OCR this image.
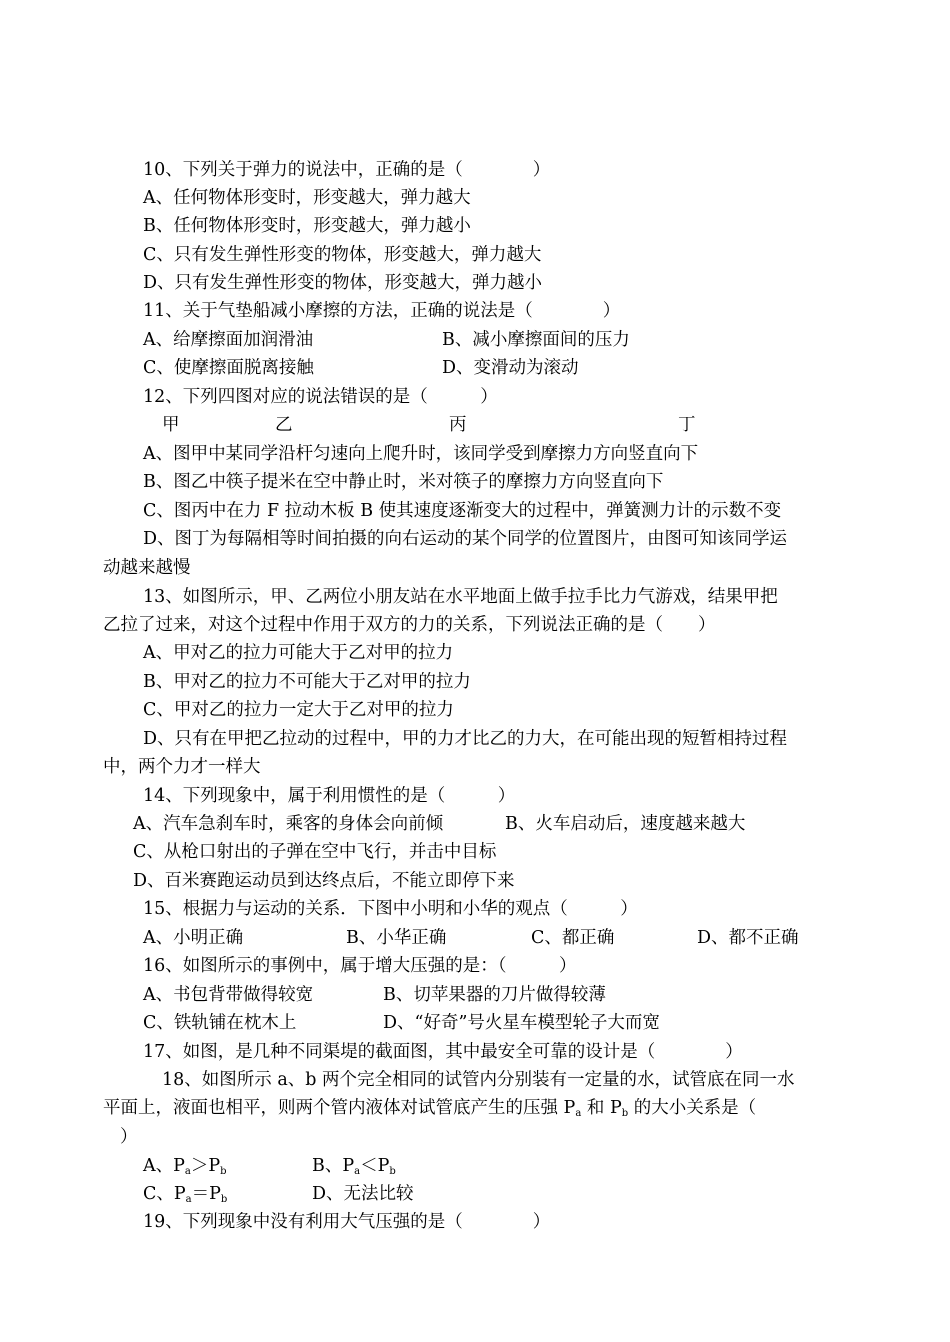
10、下列关于弹力的说法中，正确的是（　　　　）
A、任何物体形变时，形变越大，弹力越大
B、任何物体形变时，形变越大，弹力越小
C、只有发生弹性形变的物体，形变越大，弹力越大
D、只有发生弹性形变的物体，形变越大，弹力越小
11、关于气垫船减小摩擦的方法，正确的说法是（　　　　）
A、给摩擦面加润滑油	B、减小摩擦面间的压力
C、使摩擦面脱离接触	D、变滑动为滚动
12、下列四图对应的说法错误的是（　　　）
甲	乙	丙	丁
A、图甲中某同学沿杆匀速向上爬升时，该同学受到摩擦力方向竖直向下
B、图乙中筷子提米在空中静止时，米对筷子的摩擦力方向竖直向下
C、图丙中在力 F 拉动木板 B 使其速度逐渐变大的过程中，弹簧测力计的示数不变
D、图丁为每隔相等时间拍摄的向右运动的某个同学的位置图片，由图可知该同学运
动越来越慢
13、如图所示，甲、乙两位小朋友站在水平地面上做手拉手比力气游戏，结果甲把
乙拉了过来，对这个过程中作用于双方的力的关系，下列说法正确的是（　　）
A、甲对乙的拉力可能大于乙对甲的拉力
B、甲对乙的拉力不可能大于乙对甲的拉力
C、甲对乙的拉力一定大于乙对甲的拉力
D、只有在甲把乙拉动的过程中，甲的力才比乙的力大，在可能出现的短暂相持过程
中，两个力才一样大
14、下列现象中，属于利用惯性的是（　　　）
A、汽车急刹车时，乘客的身体会向前倾	B、火车启动后，速度越来越大
C、从枪口射出的子弹在空中飞行，并击中目标
D、百米赛跑运动员到达终点后，不能立即停下来
15、根据力与运动的关系．下图中小明和小华的观点（　　　）
A、小明正确	B、小华正确	C、都正确	D、都不正确
16、如图所示的事例中，属于增大压强的是：（　　　）
A、书包背带做得较宽	B、切苹果器的刀片做得较薄
C、铁轨铺在枕木上	D、“好奇”号火星车模型轮子大而宽
17、如图，是几种不同渠堤的截面图，其中最安全可靠的设计是（　　　　）
18、如图所示 a、b 两个完全相同的试管内分别装有一定量的水，试管底在同一水
平面上，液面也相平，则两个管内液体对试管底产生的压强 $P_a$ 和 $P_b$ 的大小关系是（
）
A、$P_a>P_b$	B、$P_a<P_b$
C、$P_a=P_b$	D、无法比较
19、下列现象中没有利用大气压强的是（　　　　）
